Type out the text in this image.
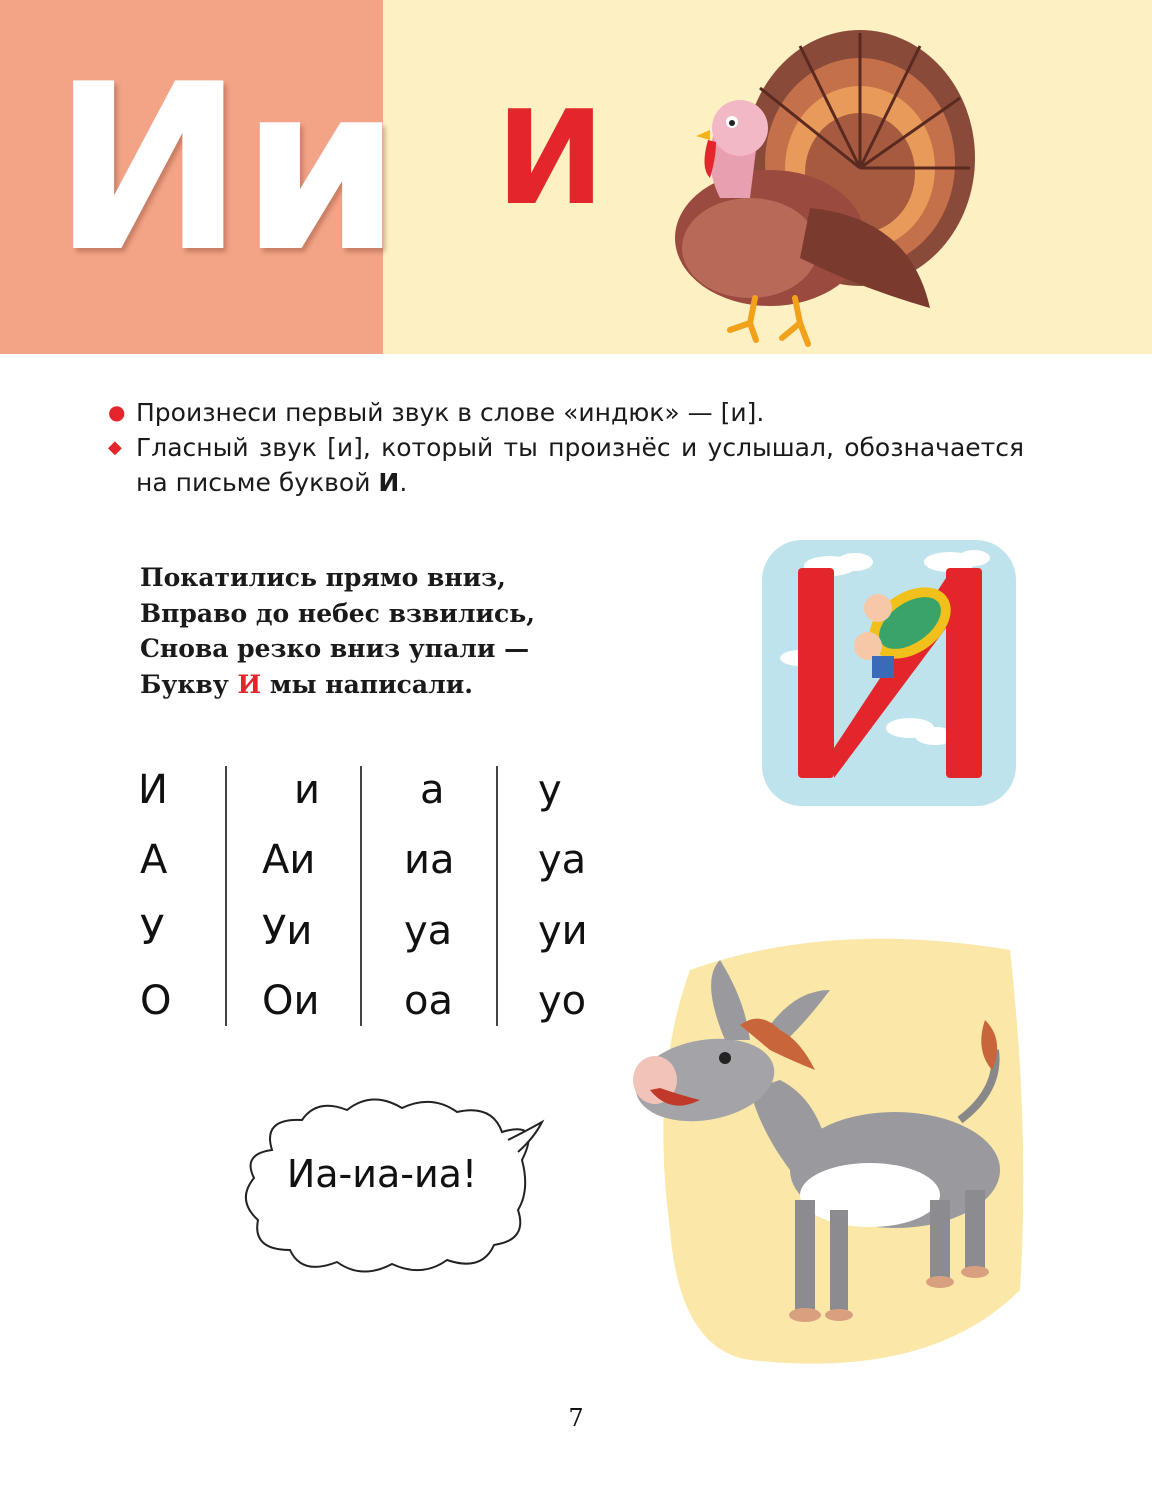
Ии И
● Произнеси первый звук в слове «индюк» — [и].
◆ Гласный звук [и], который ты произнёс и услышал, обозначается на письме буквой И.
Покатились прямо вниз,
Вправо до небес взвились,
Снова резко вниз упали —
Букву И мы написали.
И
А
У
О
и
Аи
Уи
Ои
а
иа
уа
оа
у
уа
уи
уо
Иа-иа-иа!
7
